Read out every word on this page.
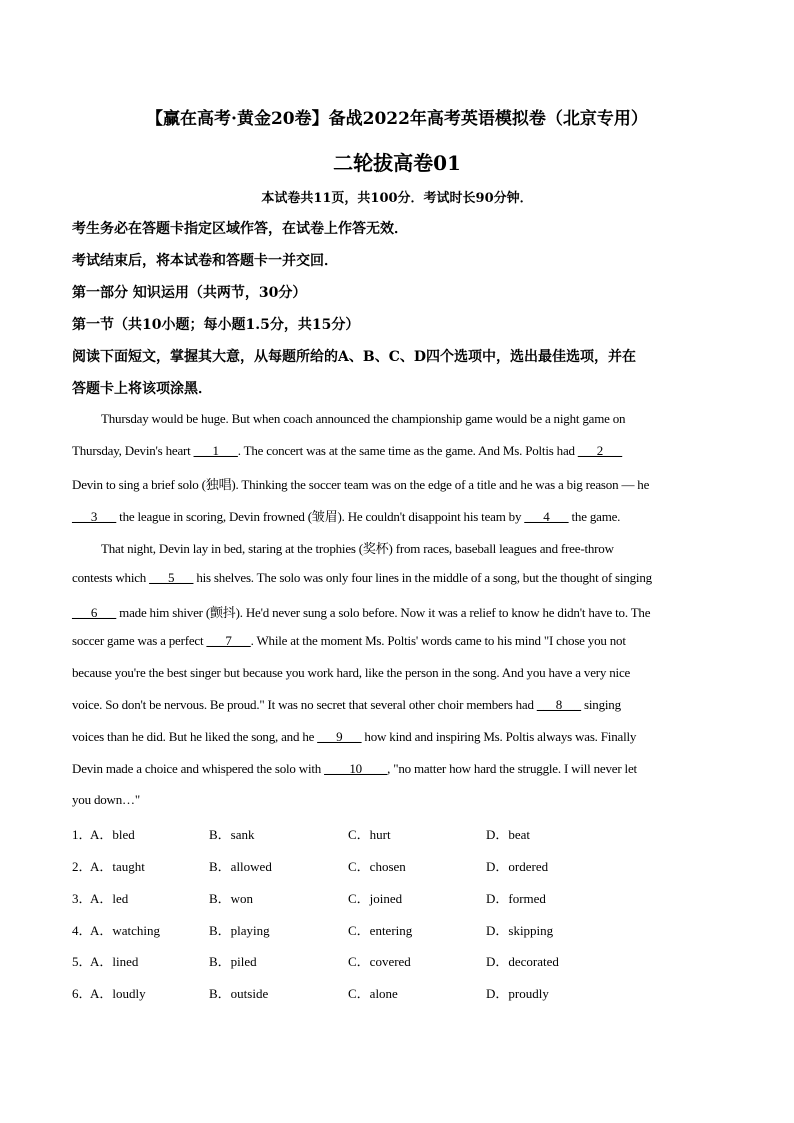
【赢在高考·黄金20卷】备战2022年高考英语模拟卷（北京专用）
二轮拔高卷01
本试卷共11页，共100分．考试时长90分钟．
考生务必在答题卡指定区域作答，在试卷上作答无效．
考试结束后，将本试卷和答题卡一并交回．
第一部分 知识运用（共两节，30分）
第一节（共10小题；每小题1.5分，共15分）
阅读下面短文，掌握其大意，从每题所给的A、B、C、D四个选项中，选出最佳选项，并在
答题卡上将该项涂黑．
Thursday would be huge. But when coach announced the championship game would be a night game on
Thursday, Devin's heart ___1___. The concert was at the same time as the game. And Ms. Poltis had ___2___
Devin to sing a brief solo (独唱). Thinking the soccer team was on the edge of a title and he was a big reason — he
___3___ the league in scoring, Devin frowned (皱眉). He couldn't disappoint his team by ___4___ the game.
That night, Devin lay in bed, staring at the trophies (奖杯) from races, baseball leagues and free-throw
contests which ___5___ his shelves. The solo was only four lines in the middle of a song, but the thought of singing
___6___ made him shiver (颤抖). He'd never sung a solo before. Now it was a relief to know he didn't have to. The
soccer game was a perfect ___7___. While at the moment Ms. Poltis' words came to his mind "I chose you not
because you're the best singer but because you work hard, like the person in the song. And you have a very nice
voice. So don't be nervous. Be proud." It was no secret that several other choir members had ___8___ singing
voices than he did. But he liked the song, and he ___9___ how kind and inspiring Ms. Poltis always was. Finally
Devin made a choice and whispered the solo with ____10____, "no matter how hard the struggle. I will never let
you down…"
1．
A．bled	B．sank	C．hurt	D．beat
2．
A．taught	B．allowed	C．chosen	D．ordered
3．
A．led	B．won	C．joined	D．formed
4．
A．watching	B．playing	C．entering	D．skipping
5．
A．lined	B．piled	C．covered	D．decorated
6．
A．loudly	B．outside	C．alone	D．proudly
